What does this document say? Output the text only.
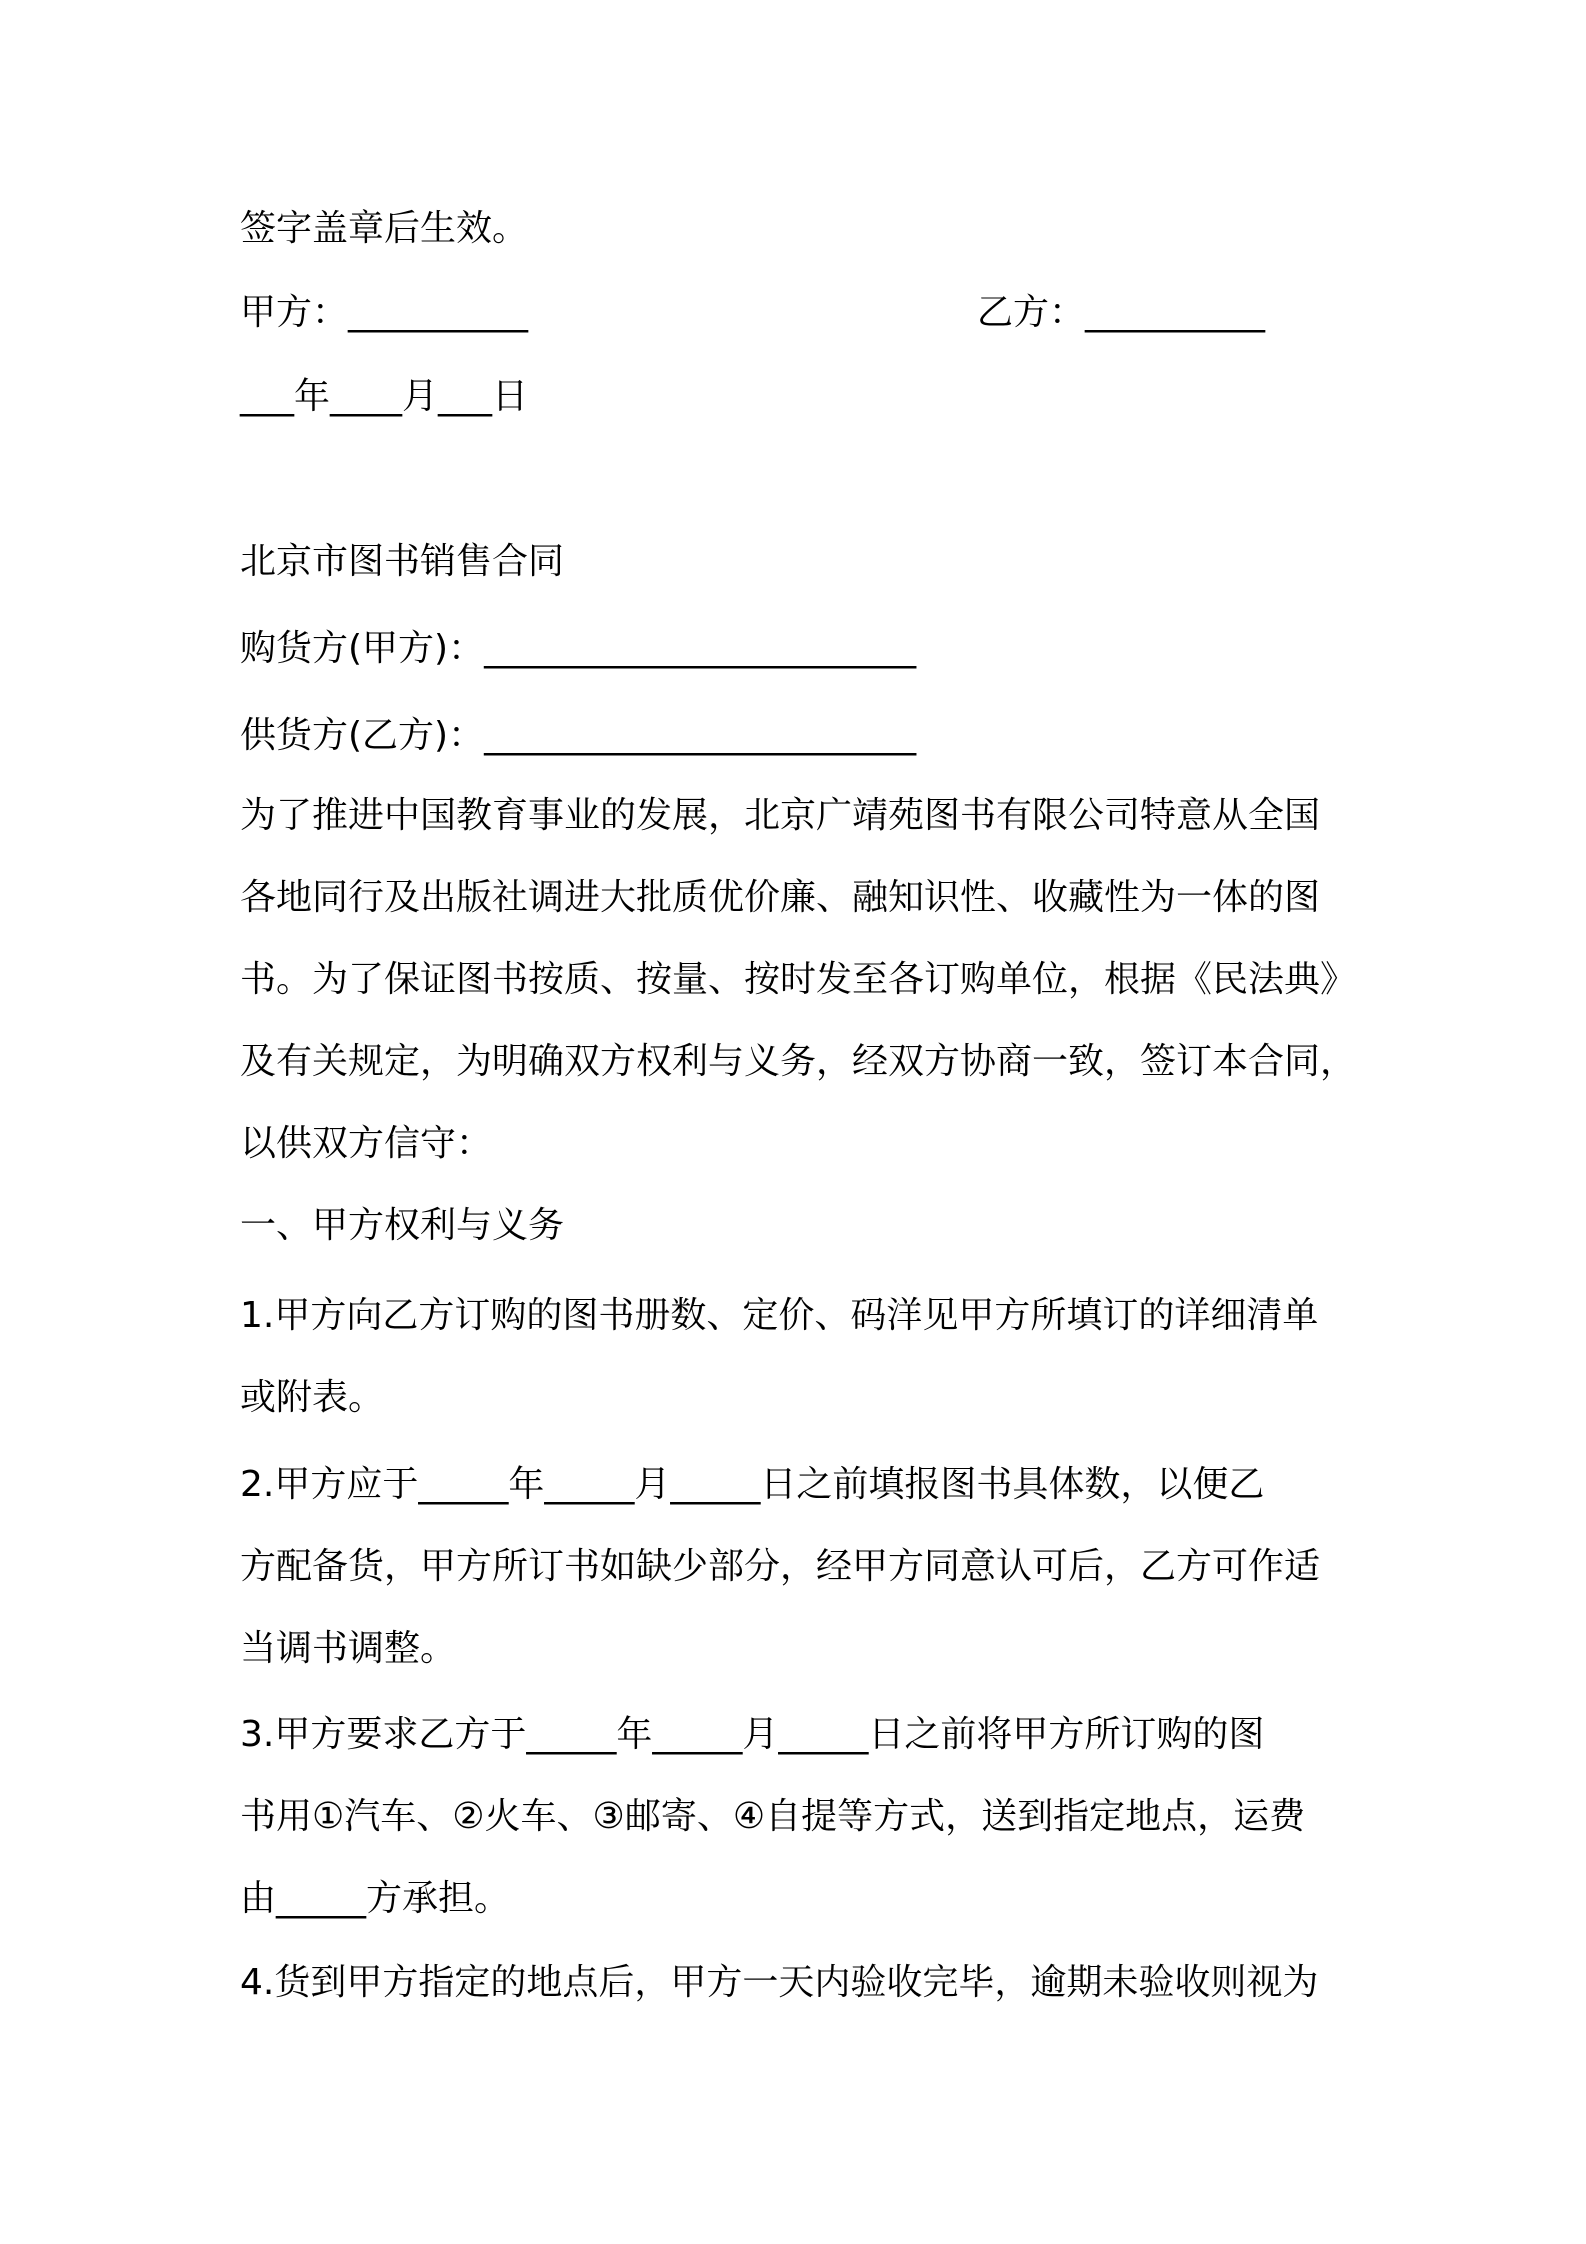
签字盖章后生效。
甲方：__________	乙方：__________
___年____月___日
北京市图书销售合同
购货方(甲方)：________________________
供货方(乙方)：________________________
为了推进中国教育事业的发展，北京广靖苑图书有限公司特意从全国
各地同行及出版社调进大批质优价廉、融知识性、收藏性为一体的图
书。为了保证图书按质、按量、按时发至各订购单位，根据《民法典》
及有关规定，为明确双方权利与义务，经双方协商一致，签订本合同，
以供双方信守：
一、甲方权利与义务
1.甲方向乙方订购的图书册数、定价、码洋见甲方所填订的详细清单
或附表。
2.甲方应于_____年_____月_____日之前填报图书具体数，以便乙
方配备货，甲方所订书如缺少部分，经甲方同意认可后，乙方可作适
当调书调整。
3.甲方要求乙方于_____年_____月_____日之前将甲方所订购的图
书用①汽车、②火车、③邮寄、④自提等方式，送到指定地点，运费
由_____方承担。
4.货到甲方指定的地点后，甲方一天内验收完毕，逾期未验收则视为
